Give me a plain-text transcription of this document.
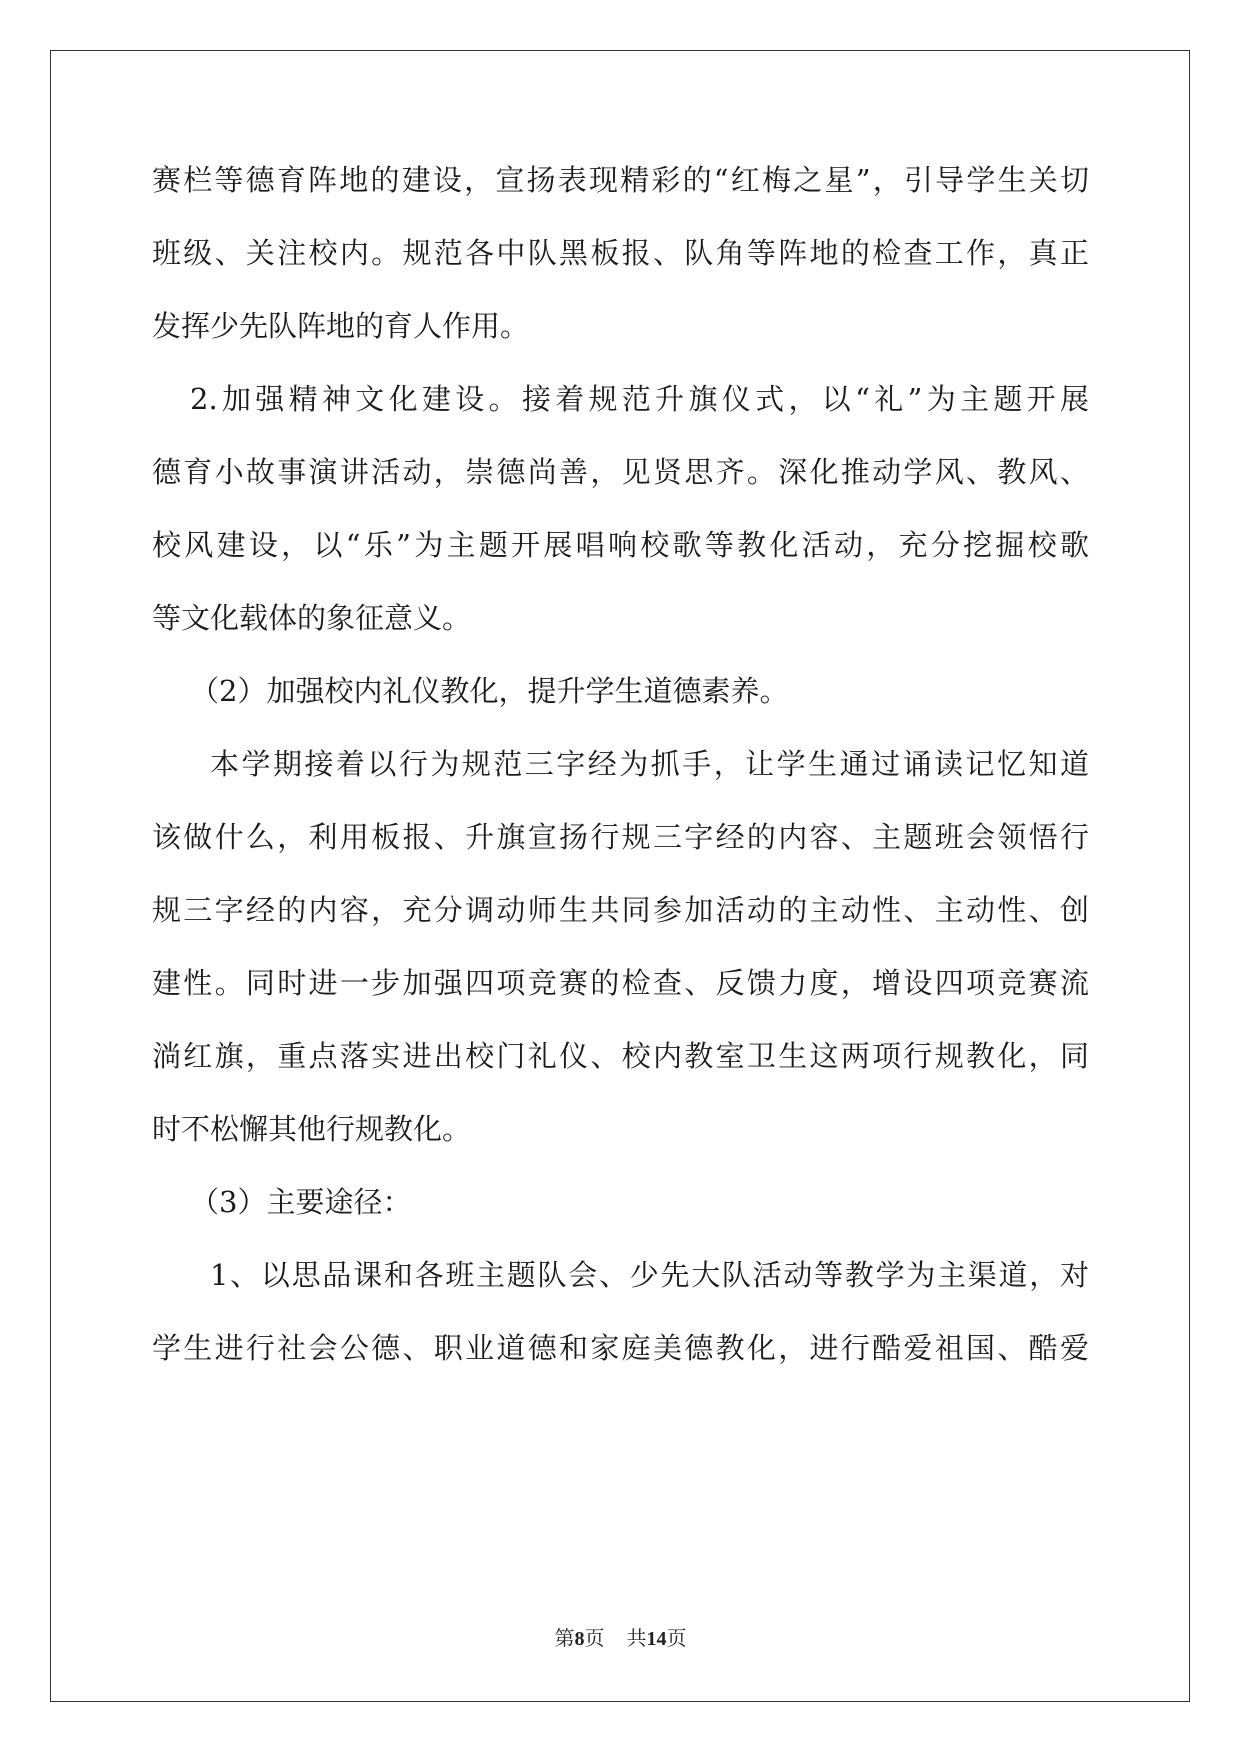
赛栏等德育阵地的建设，宣扬表现精彩的“红梅之星”，引导学生关切
班级、关注校内。规范各中队黑板报、队角等阵地的检查工作，真正
发挥少先队阵地的育人作用。
2.加强精神文化建设。接着规范升旗仪式，以“礼”为主题开展
德育小故事演讲活动，崇德尚善，见贤思齐。深化推动学风、教风、
校风建设，以“乐”为主题开展唱响校歌等教化活动，充分挖掘校歌
等文化载体的象征意义。
（2）加强校内礼仪教化，提升学生道德素养。
本学期接着以行为规范三字经为抓手，让学生通过诵读记忆知道
该做什么，利用板报、升旗宣扬行规三字经的内容、主题班会领悟行
规三字经的内容，充分调动师生共同参加活动的主动性、主动性、创
建性。同时进一步加强四项竞赛的检查、反馈力度，增设四项竞赛流
淌红旗，重点落实进出校门礼仪、校内教室卫生这两项行规教化，同
时不松懈其他行规教化。
（3）主要途径：
1、以思品课和各班主题队会、少先大队活动等教学为主渠道，对
学生进行社会公德、职业道德和家庭美德教化，进行酷爱祖国、酷爱
第8页 共14页
